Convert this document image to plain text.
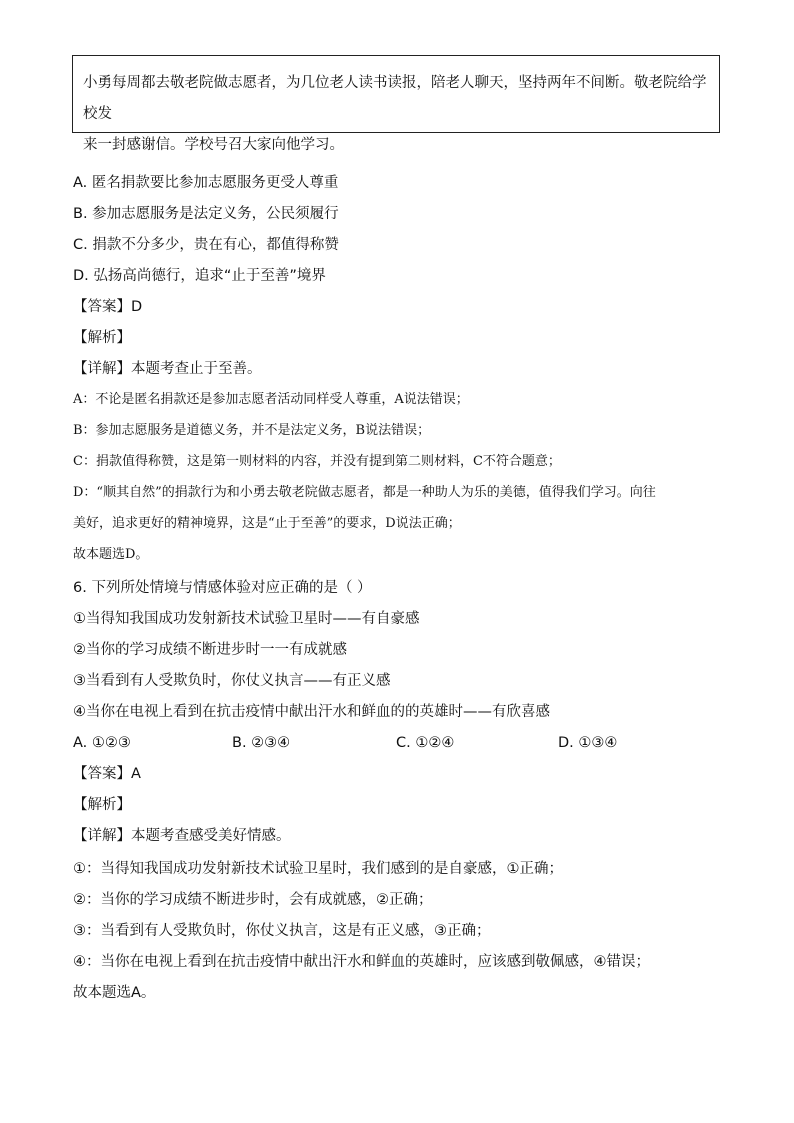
小勇每周都去敬老院做志愿者，为几位老人读书读报，陪老人聊天，坚持两年不间断。敬老院给学校发
来一封感谢信。学校号召大家向他学习。
A. 匿名捐款要比参加志愿服务更受人尊重
B. 参加志愿服务是法定义务，公民须履行
C. 捐款不分多少，贵在有心，都值得称赞
D. 弘扬高尚德行，追求“止于至善”境界
【答案】D
【解析】
【详解】本题考查止于至善。
A：不论是匿名捐款还是参加志愿者活动同样受人尊重，A说法错误；
B：参加志愿服务是道德义务，并不是法定义务，B说法错误；
C：捐款值得称赞，这是第一则材料的内容，并没有提到第二则材料，C不符合题意；
D：“顺其自然”的捐款行为和小勇去敬老院做志愿者，都是一种助人为乐的美德，值得我们学习。向往
美好，追求更好的精神境界，这是“止于至善”的要求，D说法正确；
故本题选D。
6. 下列所处情境与情感体验对应正确的是（ ）
①当得知我国成功发射新技术试验卫星时——有自豪感
②当你的学习成绩不断进步时一一有成就感
③当看到有人受欺负时，你仗义执言——有正义感
④当你在电视上看到在抗击疫情中献出汗水和鲜血的的英雄时——有欣喜感
A. ①②③	B. ②③④	C. ①②④	D. ①③④
【答案】A
【解析】
【详解】本题考查感受美好情感。
①：当得知我国成功发射新技术试验卫星时，我们感到的是自豪感，①正确；
②：当你的学习成绩不断进步时，会有成就感，②正确；
③：当看到有人受欺负时，你仗义执言，这是有正义感，③正确；
④：当你在电视上看到在抗击疫情中献出汗水和鲜血的英雄时，应该感到敬佩感，④错误；
故本题选A。
